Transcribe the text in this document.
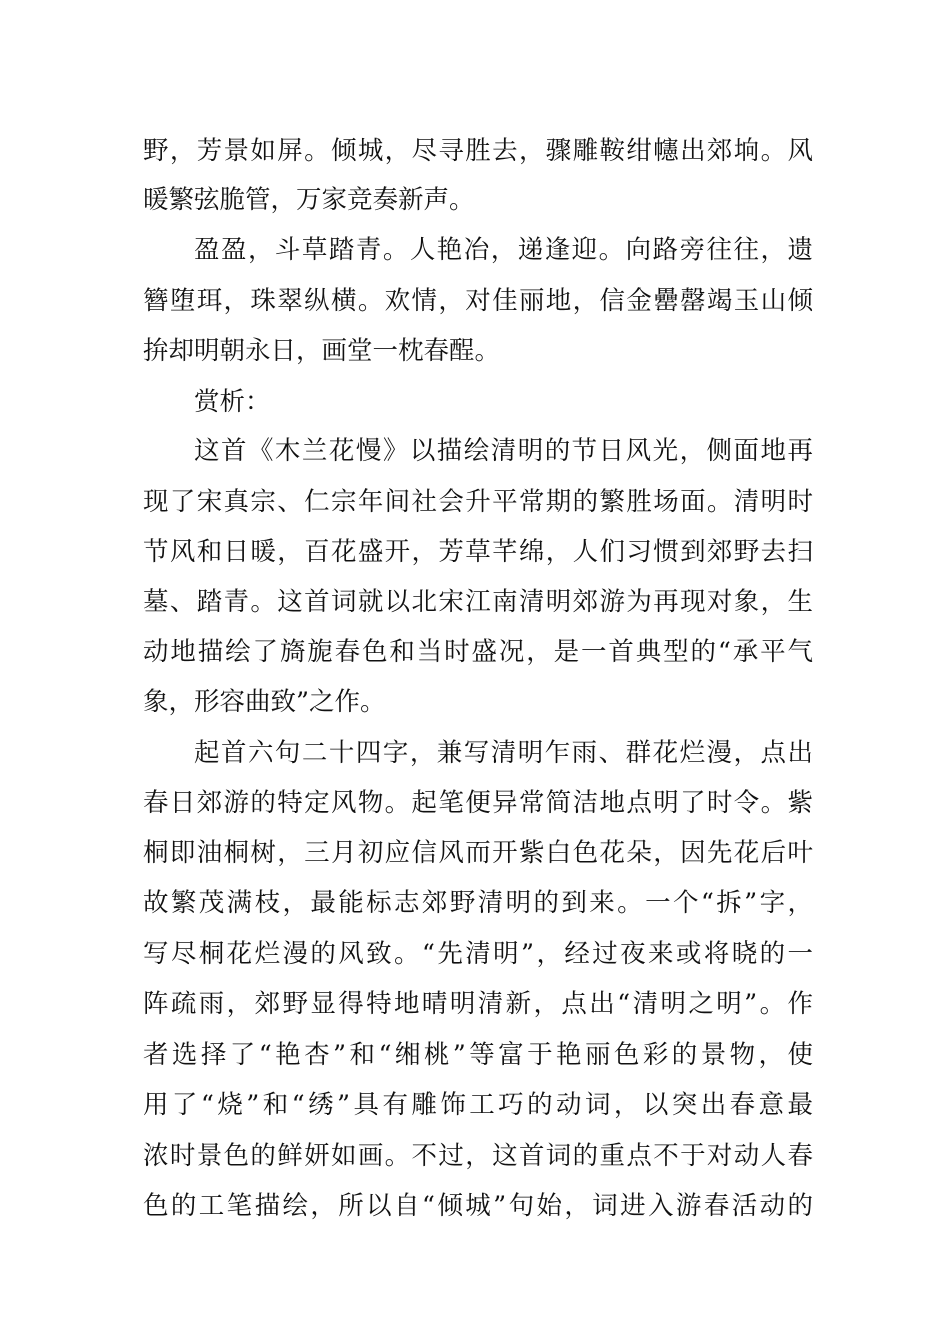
野，芳景如屏。倾城，尽寻胜去，骤雕鞍绀幰出郊垧。风
暖繁弦脆管，万家竞奏新声。
盈盈，斗草踏青。人艳冶，递逢迎。向路旁往往，遗
簪堕珥，珠翠纵横。欢情，对佳丽地，信金罍罄竭玉山倾
拚却明朝永日，画堂一枕春酲。
赏析：
这首《木兰花慢》以描绘清明的节日风光，侧面地再
现了宋真宗、仁宗年间社会升平常期的繁胜场面。清明时
节风和日暖，百花盛开，芳草芊绵，人们习惯到郊野去扫
墓、踏青。这首词就以北宋江南清明郊游为再现对象，生
动地描绘了旖旎春色和当时盛况，是一首典型的“承平气
象，形容曲致”之作。
起首六句二十四字，兼写清明乍雨、群花烂漫，点出
春日郊游的特定风物。起笔便异常简洁地点明了时令。紫
桐即油桐树，三月初应信风而开紫白色花朵，因先花后叶
故繁茂满枝，最能标志郊野清明的到来。一个“拆”字，
写尽桐花烂漫的风致。“先清明”，经过夜来或将晓的一
阵疏雨，郊野显得特地晴明清新，点出“清明之明”。作
者选择了“艳杏”和“缃桃”等富于艳丽色彩的景物，使
用了“烧”和“绣”具有雕饰工巧的动词，以突出春意最
浓时景色的鲜妍如画。不过，这首词的重点不于对动人春
色的工笔描绘，所以自“倾城”句始，词进入游春活动的
